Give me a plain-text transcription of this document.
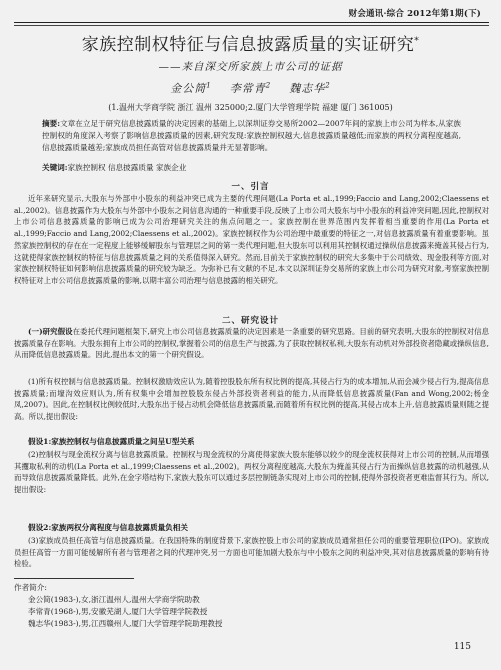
财会通讯·综合 2012年第1期(下)
家族控制权特征与信息披露质量的实证研究*
——来自深交所家族上市公司的证据
金公简$^1$ 李常青$^2$ 魏志华$^2$
(1.温州大学商学院 浙江 温州 325000;2.厦门大学管理学院 福建 厦门 361005)
摘要:文章在立足于研究信息披露质量的决定因素的基础上,以深圳证券交易所2002—2007年间的家族上市公司为样本,从家族控制权的角度深入考察了影响信息披露质量的因素,研究发现:家族控制权越大,信息披露质量越低;而家族的两权分离程度越高,信息披露质量越差;家族成员担任高管对信息披露质量并无显著影响。
关键词:家族控制权 信息披露质量 家族企业
一、引言
近年来研究显示,大股东与外部中小股东的利益冲突已成为主要的代理问题(La Porta et al.,1999;Faccio and Lang,2002;Claessens et al.,2002)。信息披露作为大股东与外部中小股东之间信息沟通的一种重要手段,反映了上市公司大股东与中小股东的利益冲突问题,因此,控制权对上市公司信息披露质量的影响已成为公司治理研究关注的焦点问题之一。家族控制在世界范围内发挥着相当重要的作用(La Porta et al.,1999;Faccio and Lang,2002;Claessens et al.,2002)。家族控制权作为公司治理中最重要的特征之一,对信息披露质量有着重要影响。虽然家族控制权的存在在一定程度上能够缓解股东与管理层之间的第一类代理问题,但大股东可以利用其控制权通过操纵信息披露来掩盖其侵占行为,这就使得家族控制权的特征与信息披露质量之间的关系值得深入研究。然而,目前关于家族控制权的研究大多集中于公司绩效、现金股利等方面,对家族控制权特征如何影响信息披露质量的研究较为缺乏。为弥补已有文献的不足,本文以深圳证券交易所的家族上市公司为研究对象,考察家族控制权特征对上市公司信息披露质量的影响,以期丰富公司治理与信息披露的相关研究。
二、研究设计
(一)研究假设在委托代理问题框架下,研究上市公司信息披露质量的决定因素是一条重要的研究思路。目前的研究表明,大股东的控制权对信息披露质量存在影响。大股东拥有上市公司的控制权,掌握着公司的信息生产与披露,为了获取控制权私利,大股东有动机对外部投资者隐藏或操纵信息,从而降低信息披露质量。因此,提出本文的第一个研究假设。
(1)所有权控制与信息披露质量。控制权激励效应认为,随着控股股东所有权比例的提高,其侵占行为的成本增加,从而会减少侵占行为,提高信息披露质量;而壕沟效应则认为,所有权集中会增加控股股东侵占外部投资者利益的能力,从而降低信息披露质量(Fan and Wong,2002;杨金凤,2007)。因此,在控制权比例较低时,大股东出于侵占动机会降低信息披露质量,而随着所有权比例的提高,其侵占成本上升,信息披露质量则随之提高。所以,提出假设:
假设1:家族控制权与信息披露质量之间呈U型关系
(2)控制权与现金流权分离与信息披露质量。控制权与现金流权的分离使得家族大股东能够以较少的现金流权获得对上市公司的控制,从而增强其攫取私利的动机(La Porta et al.,1999;Claessens et al.,2002)。两权分离程度越高,大股东为掩盖其侵占行为而操纵信息披露的动机越强,从而导致信息披露质量降低。此外,在金字塔结构下,家族大股东可以通过多层控制链条实现对上市公司的控制,使得外部投资者更难监督其行为。所以,提出假设:
假设2:家族两权分离程度与信息披露质量负相关
(3)家族成员担任高管与信息披露质量。在我国特殊的制度背景下,家族控股上市公司的家族成员通常担任公司的重要管理职位(IPO)。家族成员担任高管一方面可能缓解所有者与管理者之间的代理冲突,另一方面也可能加剧大股东与中小股东之间的利益冲突,其对信息披露质量的影响有待检验。
作者简介:
金公简(1983-),女,浙江温州人,温州大学商学院助教
李常青(1968-),男,安徽芜湖人,厦门大学管理学院教授
魏志华(1983-),男,江西赣州人,厦门大学管理学院助理教授
115
